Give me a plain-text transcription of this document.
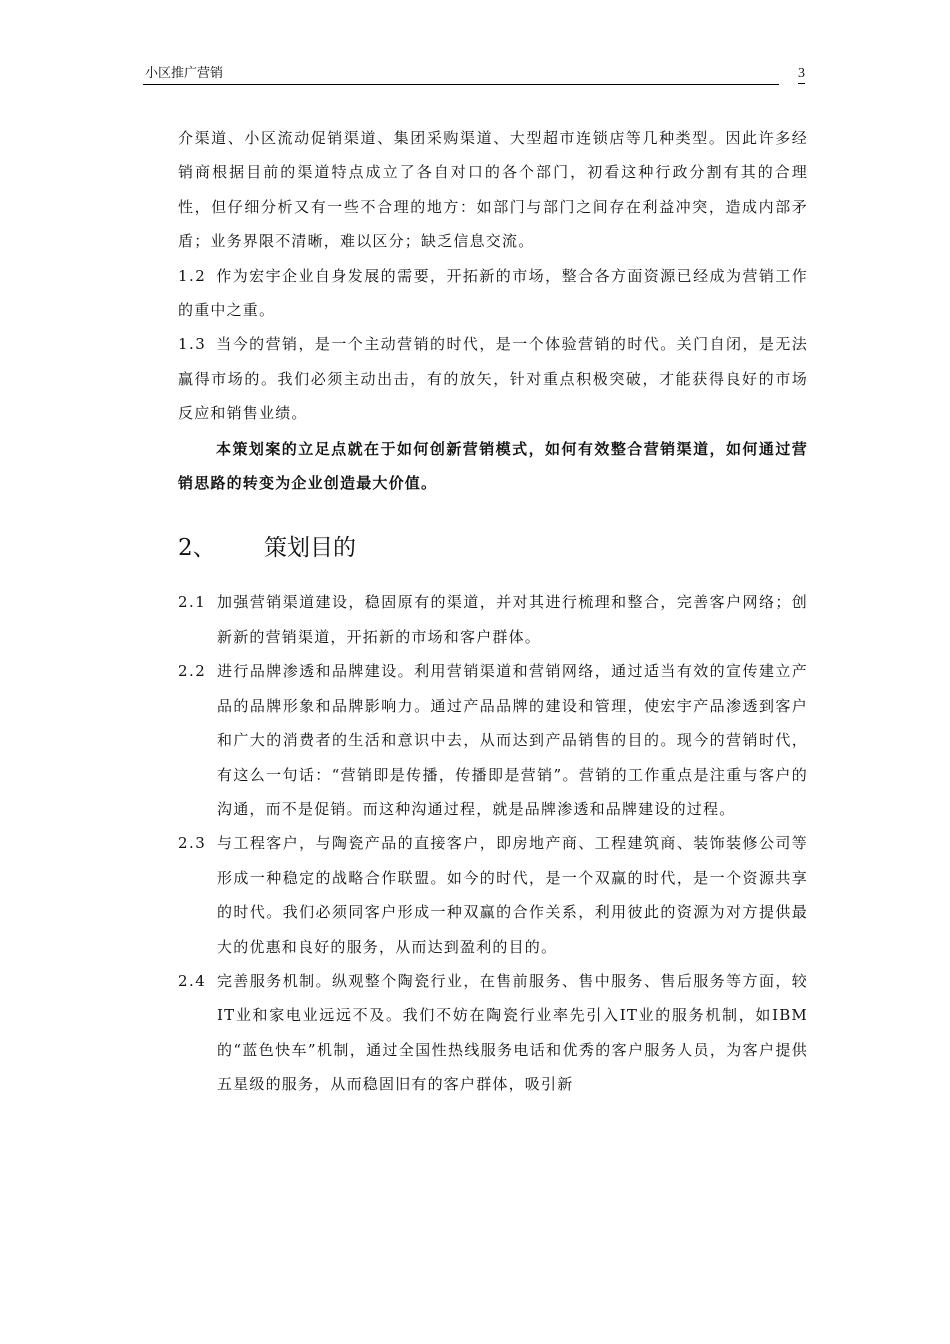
小区推广营销	3

介渠道、小区流动促销渠道、集团采购渠道、大型超市连锁店等几种类型。因此许多经销商根据目前的渠道特点成立了各自对口的各个部门，初看这种行政分割有其的合理性，但仔细分析又有一些不合理的地方：如部门与部门之间存在利益冲突，造成内部矛盾；业务界限不清晰，难以区分；缺乏信息交流。

1.2 作为宏宇企业自身发展的需要，开拓新的市场，整合各方面资源已经成为营销工作的重中之重。

1.3 当今的营销，是一个主动营销的时代，是一个体验营销的时代。关门自闭，是无法赢得市场的。我们必须主动出击，有的放矢，针对重点积极突破，才能获得良好的市场反应和销售业绩。

本策划案的立足点就在于如何创新营销模式，如何有效整合营销渠道，如何通过营销思路的转变为企业创造最大价值。

2、 策划目的
2.1 加强营销渠道建设，稳固原有的渠道，并对其进行梳理和整合，完善客户网络；创新新的营销渠道，开拓新的市场和客户群体。
2.2 进行品牌渗透和品牌建设。利用营销渠道和营销网络，通过适当有效的宣传建立产品的品牌形象和品牌影响力。通过产品品牌的建设和管理，使宏宇产品渗透到客户和广大的消费者的生活和意识中去，从而达到产品销售的目的。现今的营销时代，有这么一句话：“营销即是传播，传播即是营销”。营销的工作重点是注重与客户的沟通，而不是促销。而这种沟通过程，就是品牌渗透和品牌建设的过程。
2.3 与工程客户，与陶瓷产品的直接客户，即房地产商、工程建筑商、装饰装修公司等形成一种稳定的战略合作联盟。如今的时代，是一个双赢的时代，是一个资源共享的时代。我们必须同客户形成一种双赢的合作关系，利用彼此的资源为对方提供最大的优惠和良好的服务，从而达到盈利的目的。
2.4 完善服务机制。纵观整个陶瓷行业，在售前服务、售中服务、售后服务等方面，较IT业和家电业远远不及。我们不妨在陶瓷行业率先引入IT业的服务机制，如IBM的“蓝色快车”机制，通过全国性热线服务电话和优秀的客户服务人员，为客户提供五星级的服务，从而稳固旧有的客户群体，吸引新
